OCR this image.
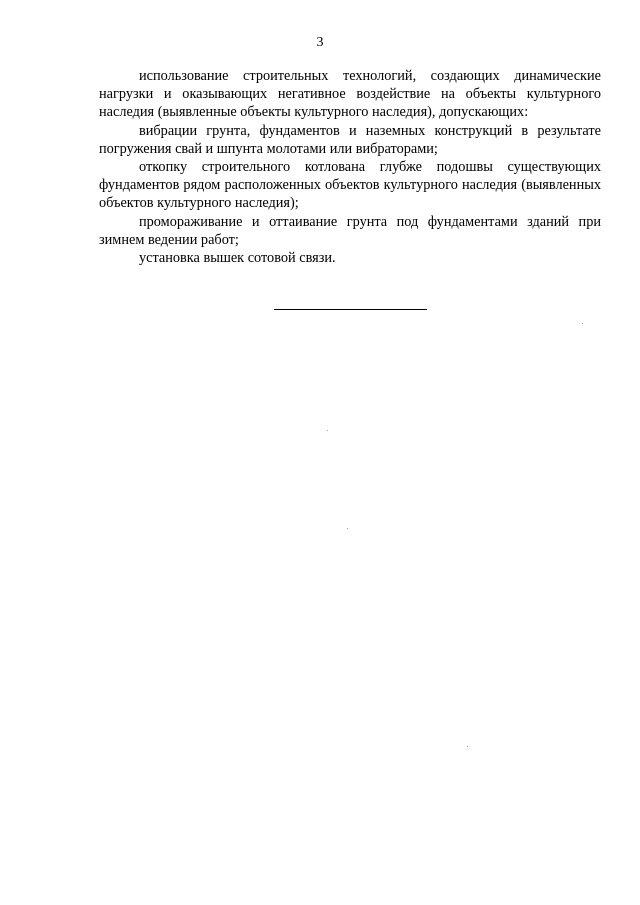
3

использование строительных технологий, создающих динамические нагрузки и оказывающих негативное воздействие на объекты культурного наследия (выявленные объекты культурного наследия), допускающих:

вибрации грунта, фундаментов и наземных конструкций в результате погружения свай и шпунта молотами или вибраторами;

откопку строительного котлована глубже подошвы существующих фундаментов рядом расположенных объектов культурного наследия (выявленных объектов культурного наследия);

промораживание и оттаивание грунта под фундаментами зданий при зимнем ведении работ;

установка вышек сотовой связи.
